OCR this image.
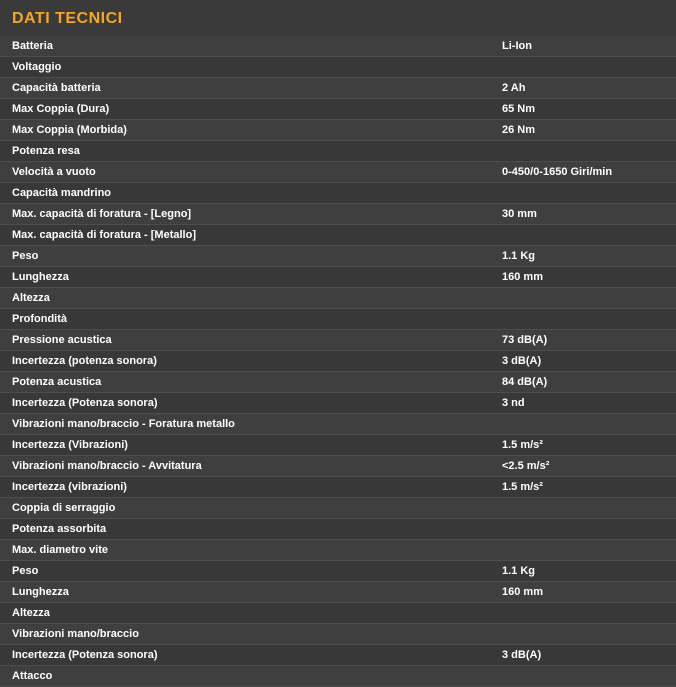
DATI TECNICI
Batteria	Li-Ion
Voltaggio	
Capacità batteria	2 Ah
Max Coppia (Dura)	65 Nm
Max Coppia (Morbida)	26 Nm
Potenza resa	
Velocità a vuoto	0-450/0-1650 Giri/min
Capacità mandrino	
Max. capacità di foratura - [Legno]	30 mm
Max. capacità di foratura - [Metallo]	
Peso	1.1 Kg
Lunghezza	160 mm
Altezza	
Profondità	
Pressione acustica	73 dB(A)
Incertezza (potenza sonora)	3 dB(A)
Potenza acustica	84 dB(A)
Incertezza (Potenza sonora)	3 nd
Vibrazioni mano/braccio - Foratura metallo	
Incertezza (Vibrazioni)	1.5 m/s²
Vibrazioni mano/braccio - Avvitatura	<2.5 m/s²
Incertezza (vibrazioni)	1.5 m/s²
Coppia di serraggio	
Potenza assorbita	
Max. diametro vite	
Peso	1.1 Kg
Lunghezza	160 mm
Altezza	
Vibrazioni mano/braccio	
Incertezza (Potenza sonora)	3 dB(A)
Attacco	
